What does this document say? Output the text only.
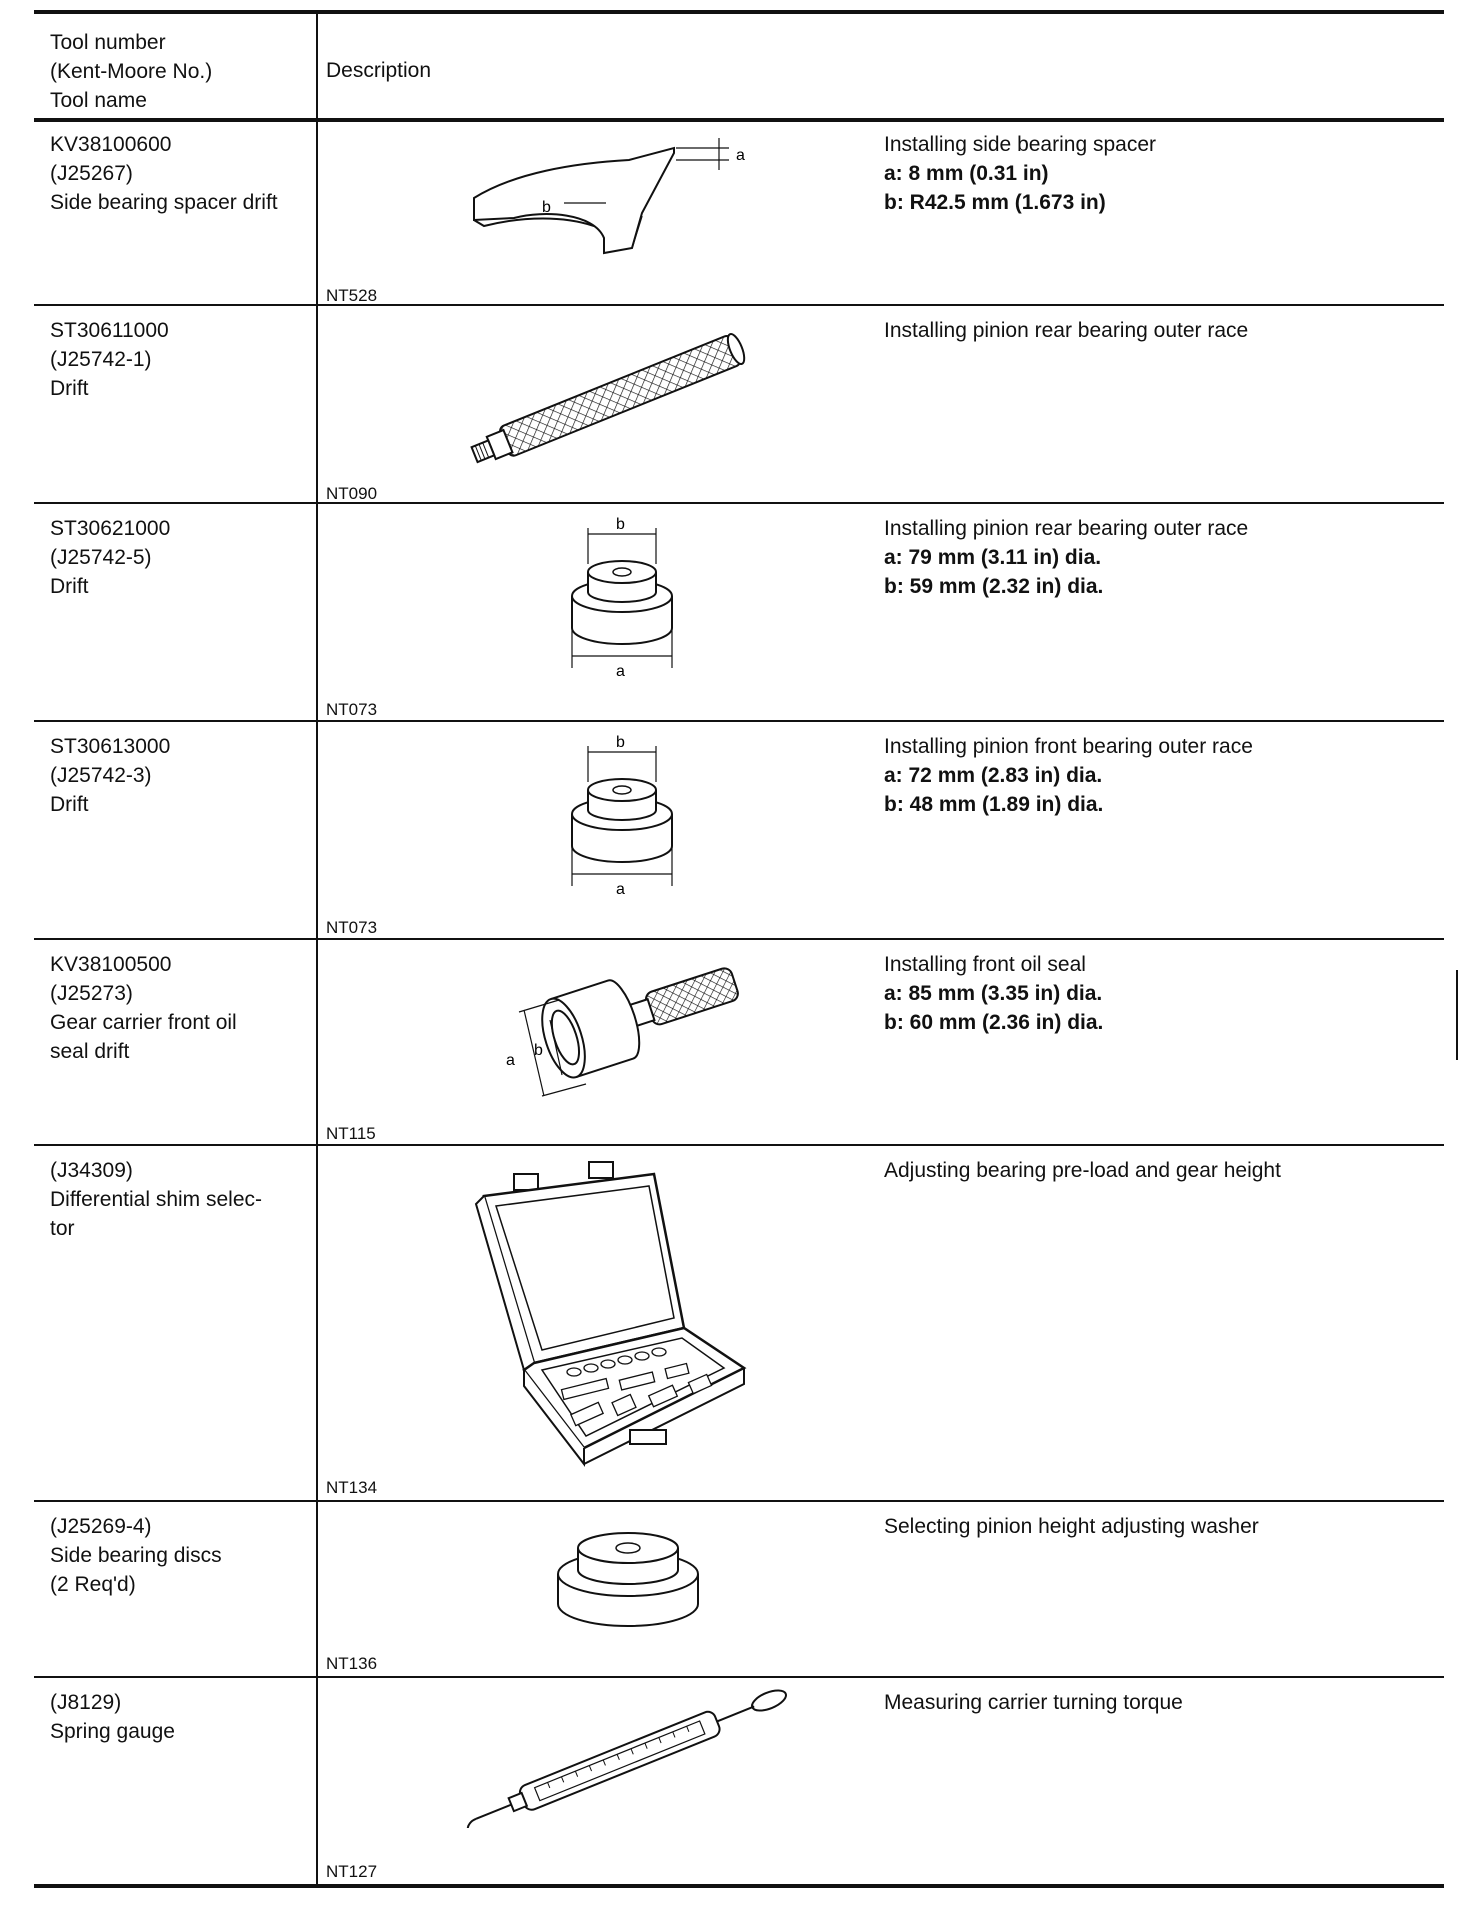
Tool number
(Kent-Moore No.)
Tool name
Description
KV38100600
(J25267)
Side bearing spacer drift
a
b
NT528
Installing side bearing spacer
a: 8 mm (0.31 in)
b: R42.5 mm (1.673 in)
ST30611000
(J25742-1)
Drift
NT090
Installing pinion rear bearing outer race
ST30621000
(J25742-5)
Drift
b
a
NT073
Installing pinion rear bearing outer race
a: 79 mm (3.11 in) dia.
b: 59 mm (2.32 in) dia.
ST30613000
(J25742-3)
Drift
b
a
NT073
Installing pinion front bearing outer race
a: 72 mm (2.83 in) dia.
b: 48 mm (1.89 in) dia.
KV38100500
(J25273)
Gear carrier front oil
seal drift	a
b
NT115
Installing front oil seal
a: 85 mm (3.35 in) dia.
b: 60 mm (2.36 in) dia.
(J34309)
Differential shim selec-
tor
NT134
Adjusting bearing pre-load and gear height
(J25269-4)
Side bearing discs
(2 Req'd)
NT136
Selecting pinion height adjusting washer
(J8129)
Spring gauge
NT127
Measuring carrier turning torque
